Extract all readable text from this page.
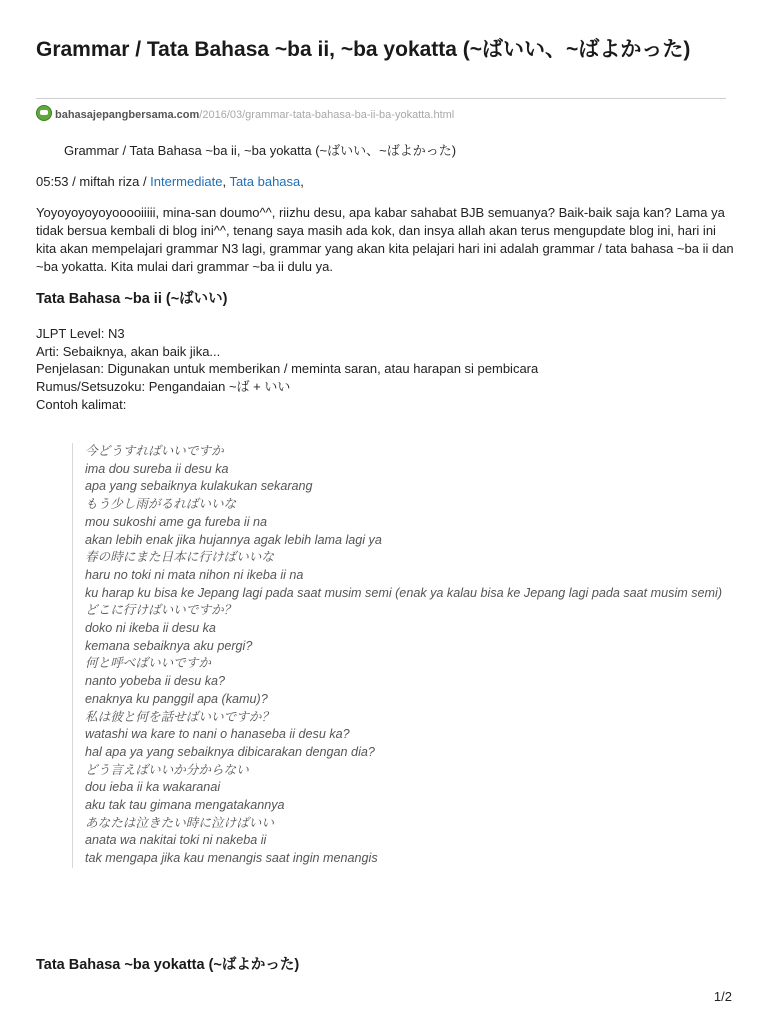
Grammar / Tata Bahasa ~ba ii, ~ba yokatta (~ばいい、~ばよかった)
bahasajepangbersama.com/2016/03/grammar-tata-bahasa-ba-ii-ba-yokatta.html
Grammar / Tata Bahasa ~ba ii, ~ba yokatta (~ばいい、~ばよかった)
05:53 / miftah riza / Intermediate, Tata bahasa,

Yoyoyoyoyoyooooiiiii, mina-san doumo^^, riizhu desu, apa kabar sahabat BJB semuanya? Baik-baik saja kan? Lama ya tidak bersua kembali di blog ini^^, tenang saya masih ada kok, dan insya allah akan terus mengupdate blog ini, hari ini kita akan mempelajari grammar N3 lagi, grammar yang akan kita pelajari hari ini adalah grammar / tata bahasa ~ba ii dan ~ba yokatta. Kita mulai dari grammar ~ba ii dulu ya.

Tata Bahasa ~ba ii (~ばいい)
JLPT Level: N3
Arti: Sebaiknya, akan baik jika...
Penjelasan: Digunakan untuk memberikan / meminta saran, atau harapan si pembicara
Rumus/Setsuzoku: Pengandaian ~ば + いい
Contoh kalimat:
今どうすればいいですか
ima dou sureba ii desu ka
apa yang sebaiknya kulakukan sekarang
もう少し雨がるればいいな
mou sukoshi ame ga fureba ii na
akan lebih enak jika hujannya agak lebih lama lagi ya
春の時にまた日本に行けばいいな
haru no toki ni mata nihon ni ikeba ii na
ku harap ku bisa ke Jepang lagi pada saat musim semi (enak ya kalau bisa ke Jepang lagi pada saat musim semi)
どこに行けばいいですか？
doko ni ikeba ii desu ka
kemana sebaiknya aku pergi?
何と呼べばいいですか
nanto yobeba ii desu ka?
enaknya ku panggil apa (kamu)?
私は彼と何を話せばいいですか？
watashi wa kare to nani o hanaseba ii desu ka?
hal apa ya yang sebaiknya dibicarakan dengan dia?
どう言えばいいか分からない
dou ieba ii ka wakaranai
aku tak tau gimana mengatakannya
あなたは泣きたい時に泣けばいい
anata wa nakitai toki ni nakeba ii
tak mengapa jika kau menangis saat ingin menangis
Tata Bahasa ~ba yokatta (~ばよかった)
1/2
